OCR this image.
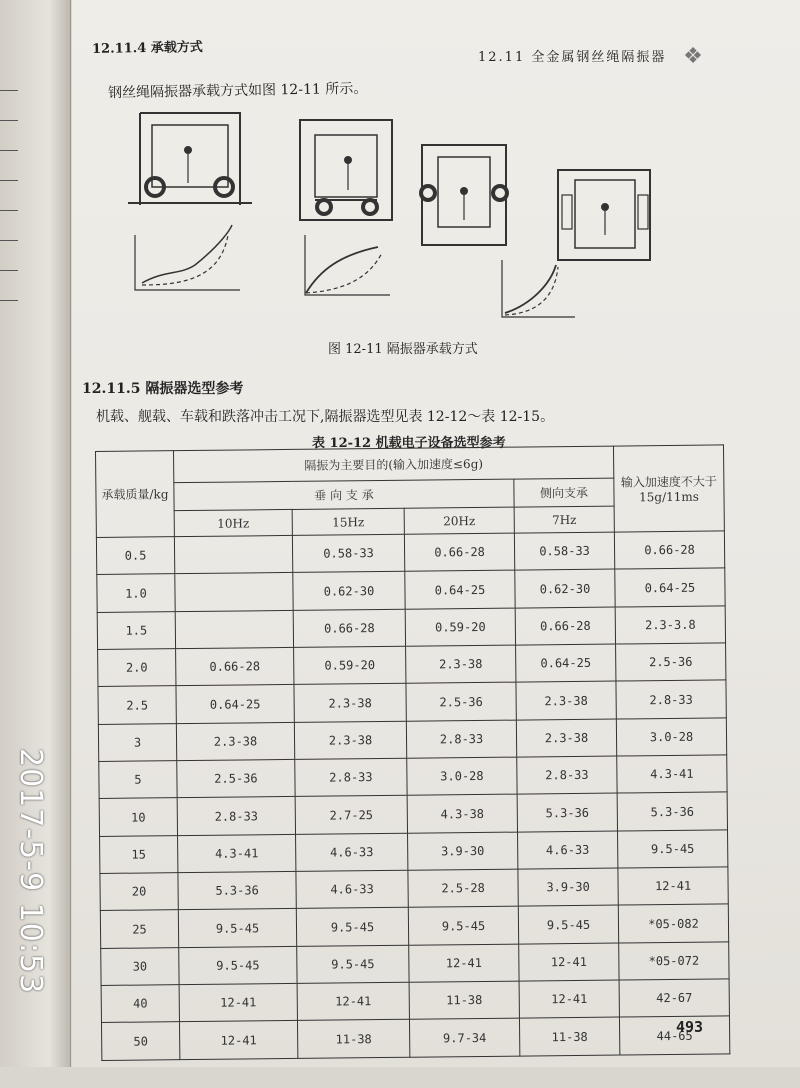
12.11.4 承载方式
12.11 全金属钢丝绳隔振器 ❖
钢丝绳隔振器承载方式如图 12-11 所示。
图 12-11 隔振器承载方式
12.11.5 隔振器选型参考
机载、舰载、车载和跌落冲击工况下,隔振器选型见表 12-12～表 12-15。
表 12-12 机载电子设备选型参考
承载质量/kg	隔振为主要目的(输入加速度≤6g)				输入加速度不大于15g/11ms
	垂 向 支 承			侧向支承	
	10Hz	15Hz	20Hz	7Hz	
0.5		0.58-33	0.66-28	0.58-33	0.66-28
1.0		0.62-30	0.64-25	0.62-30	0.64-25
1.5		0.66-28	0.59-20	0.66-28	2.3-3.8
2.0	0.66-28	0.59-20	2.3-38	0.64-25	2.5-36
2.5	0.64-25	2.3-38	2.5-36	2.3-38	2.8-33
3	2.3-38	2.3-38	2.8-33	2.3-38	3.0-28
5	2.5-36	2.8-33	3.0-28	2.8-33	4.3-41
10	2.8-33	2.7-25	4.3-38	5.3-36	5.3-36
15	4.3-41	4.6-33	3.9-30	4.6-33	9.5-45
20	5.3-36	4.6-33	2.5-28	3.9-30	12-41
25	9.5-45	9.5-45	9.5-45	9.5-45	*05-082
30	9.5-45	9.5-45	12-41	12-41	*05-072
40	12-41	12-41	11-38	12-41	42-67
50	12-41	11-38	9.7-34	11-38	44-65
493
2017-5-9 10:53
